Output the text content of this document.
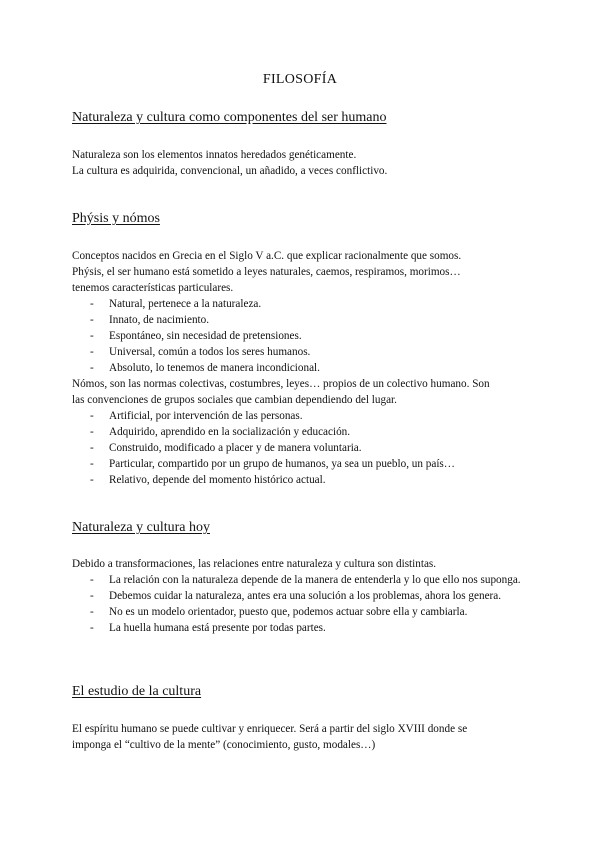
FILOSOFÍA
Naturaleza y cultura como componentes del ser humano

Naturaleza son los elementos innatos heredados genéticamente.

La cultura es adquirida, convencional, un añadido, a veces conflictivo.

Phýsis y nómos

Conceptos nacidos en Grecia en el Siglo V a.C. que explicar racionalmente que somos.

Phýsis, el ser humano está sometido a leyes naturales, caemos, respiramos, morimos…

tenemos características particulares.

- Natural, pertenece a la naturaleza.
- Innato, de nacimiento.
- Espontáneo, sin necesidad de pretensiones.
- Universal, común a todos los seres humanos.
- Absoluto, lo tenemos de manera incondicional.

Nómos, son las normas colectivas, costumbres, leyes… propios de un colectivo humano. Son

las convenciones de grupos sociales que cambian dependiendo del lugar.

- Artificial, por intervención de las personas.
- Adquirido, aprendido en la socialización y educación.
- Construido, modificado a placer y de manera voluntaria.
- Particular, compartido por un grupo de humanos, ya sea un pueblo, un país…
- Relativo, depende del momento histórico actual.
Naturaleza y cultura hoy

Debido a transformaciones, las relaciones entre naturaleza y cultura son distintas.

- La relación con la naturaleza depende de la manera de entenderla y lo que ello nos suponga.
- Debemos cuidar la naturaleza, antes era una solución a los problemas, ahora los genera.
- No es un modelo orientador, puesto que, podemos actuar sobre ella y cambiarla.
- La huella humana está presente por todas partes.
El estudio de la cultura

El espíritu humano se puede cultivar y enriquecer. Será a partir del siglo XVIII donde se

imponga el “cultivo de la mente” (conocimiento, gusto, modales…)
